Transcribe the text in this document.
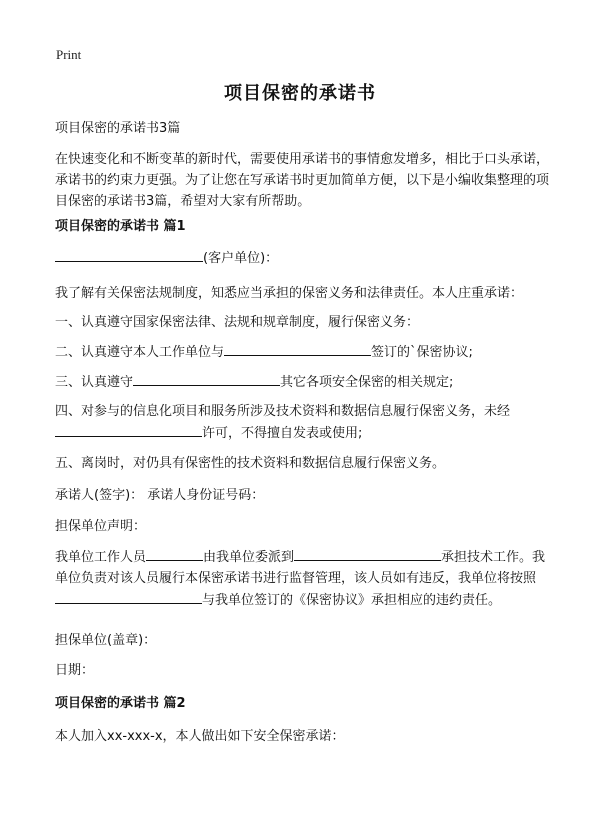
Print
项目保密的承诺书
项目保密的承诺书3篇
在快速变化和不断变革的新时代，需要使用承诺书的事情愈发增多，相比于口头承诺，承诺书的约束力更强。为了让您在写承诺书时更加简单方便，以下是小编收集整理的项目保密的承诺书3篇，希望对大家有所帮助。
项目保密的承诺书 篇1
(客户单位)：
我了解有关保密法规制度，知悉应当承担的保密义务和法律责任。本人庄重承诺：
一、认真遵守国家保密法律、法规和规章制度，履行保密义务：
二、认真遵守本人工作单位与	签订的`保密协议;
三、认真遵守	其它各项安全保密的相关规定;
四、对参与的信息化项目和服务所涉及技术资料和数据信息履行保密义务，未经
许可，不得擅自发表或使用;
五、离岗时，对仍具有保密性的技术资料和数据信息履行保密义务。
承诺人(签字)： 承诺人身份证号码：
担保单位声明：
我单位工作人员	由我单位委派到	承担技术工作。我单位负责对该人员履行本保密承诺书进行监督管理，该人员如有违反，我单位将按照与我单位签订的《保密协议》承担相应的违约责任。
担保单位(盖章)：
日期：
项目保密的承诺书 篇2
本人加入xx-xxx-x，本人做出如下安全保密承诺：
